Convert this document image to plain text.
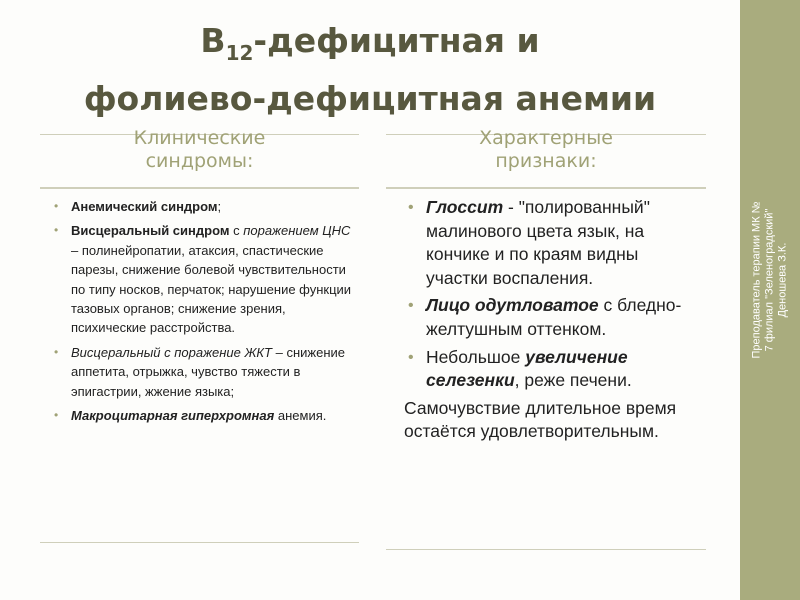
$B_{12}$-дефицитная и
фолиево-дефицитная анемии
Клинические
синдромы:
Характерные
признаки:
• Анемический синдром;
• Висцеральный синдром с поражением ЦНС – полинейропатии, атаксия, спастические парезы, снижение болевой чувствительности по типу носков, перчаток; нарушение функции тазовых органов; снижение зрения, психические расстройства.
• Висцеральный с поражение ЖКТ – снижение аппетита, отрыжка, чувство тяжести в эпигастрии, жжение языка;
• Макроцитарная гиперхромная анемия.
• Глоссит - "полированный" малинового цвета язык, на кончике и по краям видны участки воспаления.
• Лицо одутловатое с бледно-желтушным оттенком.
• Небольшое увеличение селезенки, реже печени.
Самочувствие длительное время остаётся удовлетворительным.
Преподаватель терапии МК № 7 филиал "Зеленоградский" Деношева З.К.
